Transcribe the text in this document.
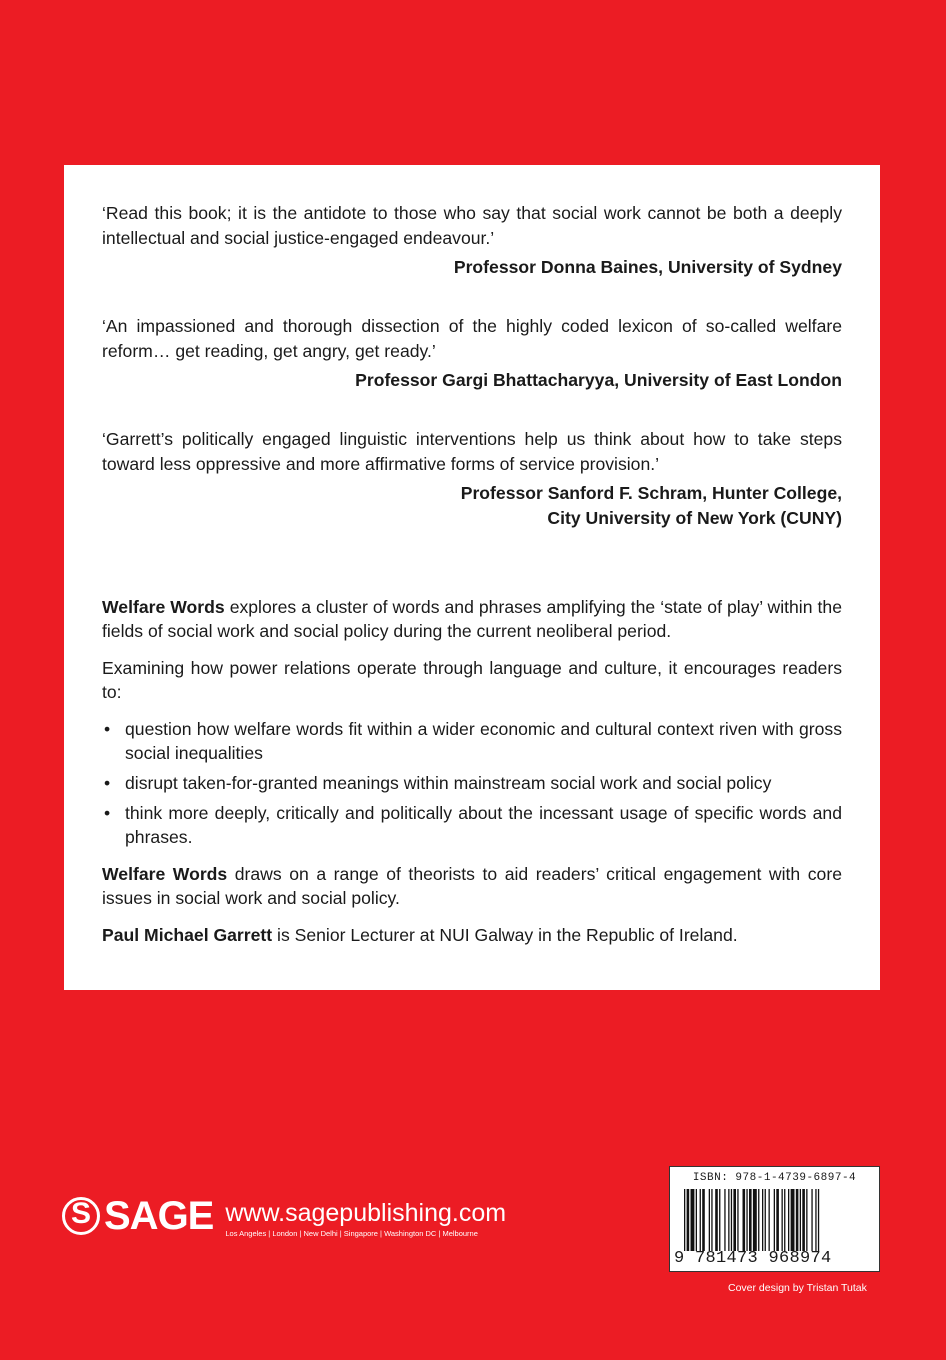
‘Read this book; it is the antidote to those who say that social work cannot be both a deeply intellectual and social justice-engaged endeavour.’

Professor Donna Baines, University of Sydney

‘An impassioned and thorough dissection of the highly coded lexicon of so-called welfare reform… get reading, get angry, get ready.’

Professor Gargi Bhattacharyya, University of East London

‘Garrett’s politically engaged linguistic interventions help us think about how to take steps toward less oppressive and more affirmative forms of service provision.’

Professor Sanford F. Schram, Hunter College,
City University of New York (CUNY)

Welfare Words explores a cluster of words and phrases amplifying the ‘state of play’ within the fields of social work and social policy during the current neoliberal period.

Examining how power relations operate through language and culture, it encourages readers to:

• question how welfare words fit within a wider economic and cultural context riven with gross social inequalities
• disrupt taken-for-granted meanings within mainstream social work and social policy
• think more deeply, critically and politically about the incessant usage of specific words and phrases.

Welfare Words draws on a range of theorists to aid readers’ critical engagement with core issues in social work and social policy.

Paul Michael Garrett is Senior Lecturer at NUI Galway in the Republic of Ireland.

S
SAGE www.sagepublishing.com
Los Angeles | London | New Delhi | Singapore | Washington DC | Melbourne
ISBN: 978-1-4739-6897-4
9 781473 968974
Cover design by Tristan Tutak
